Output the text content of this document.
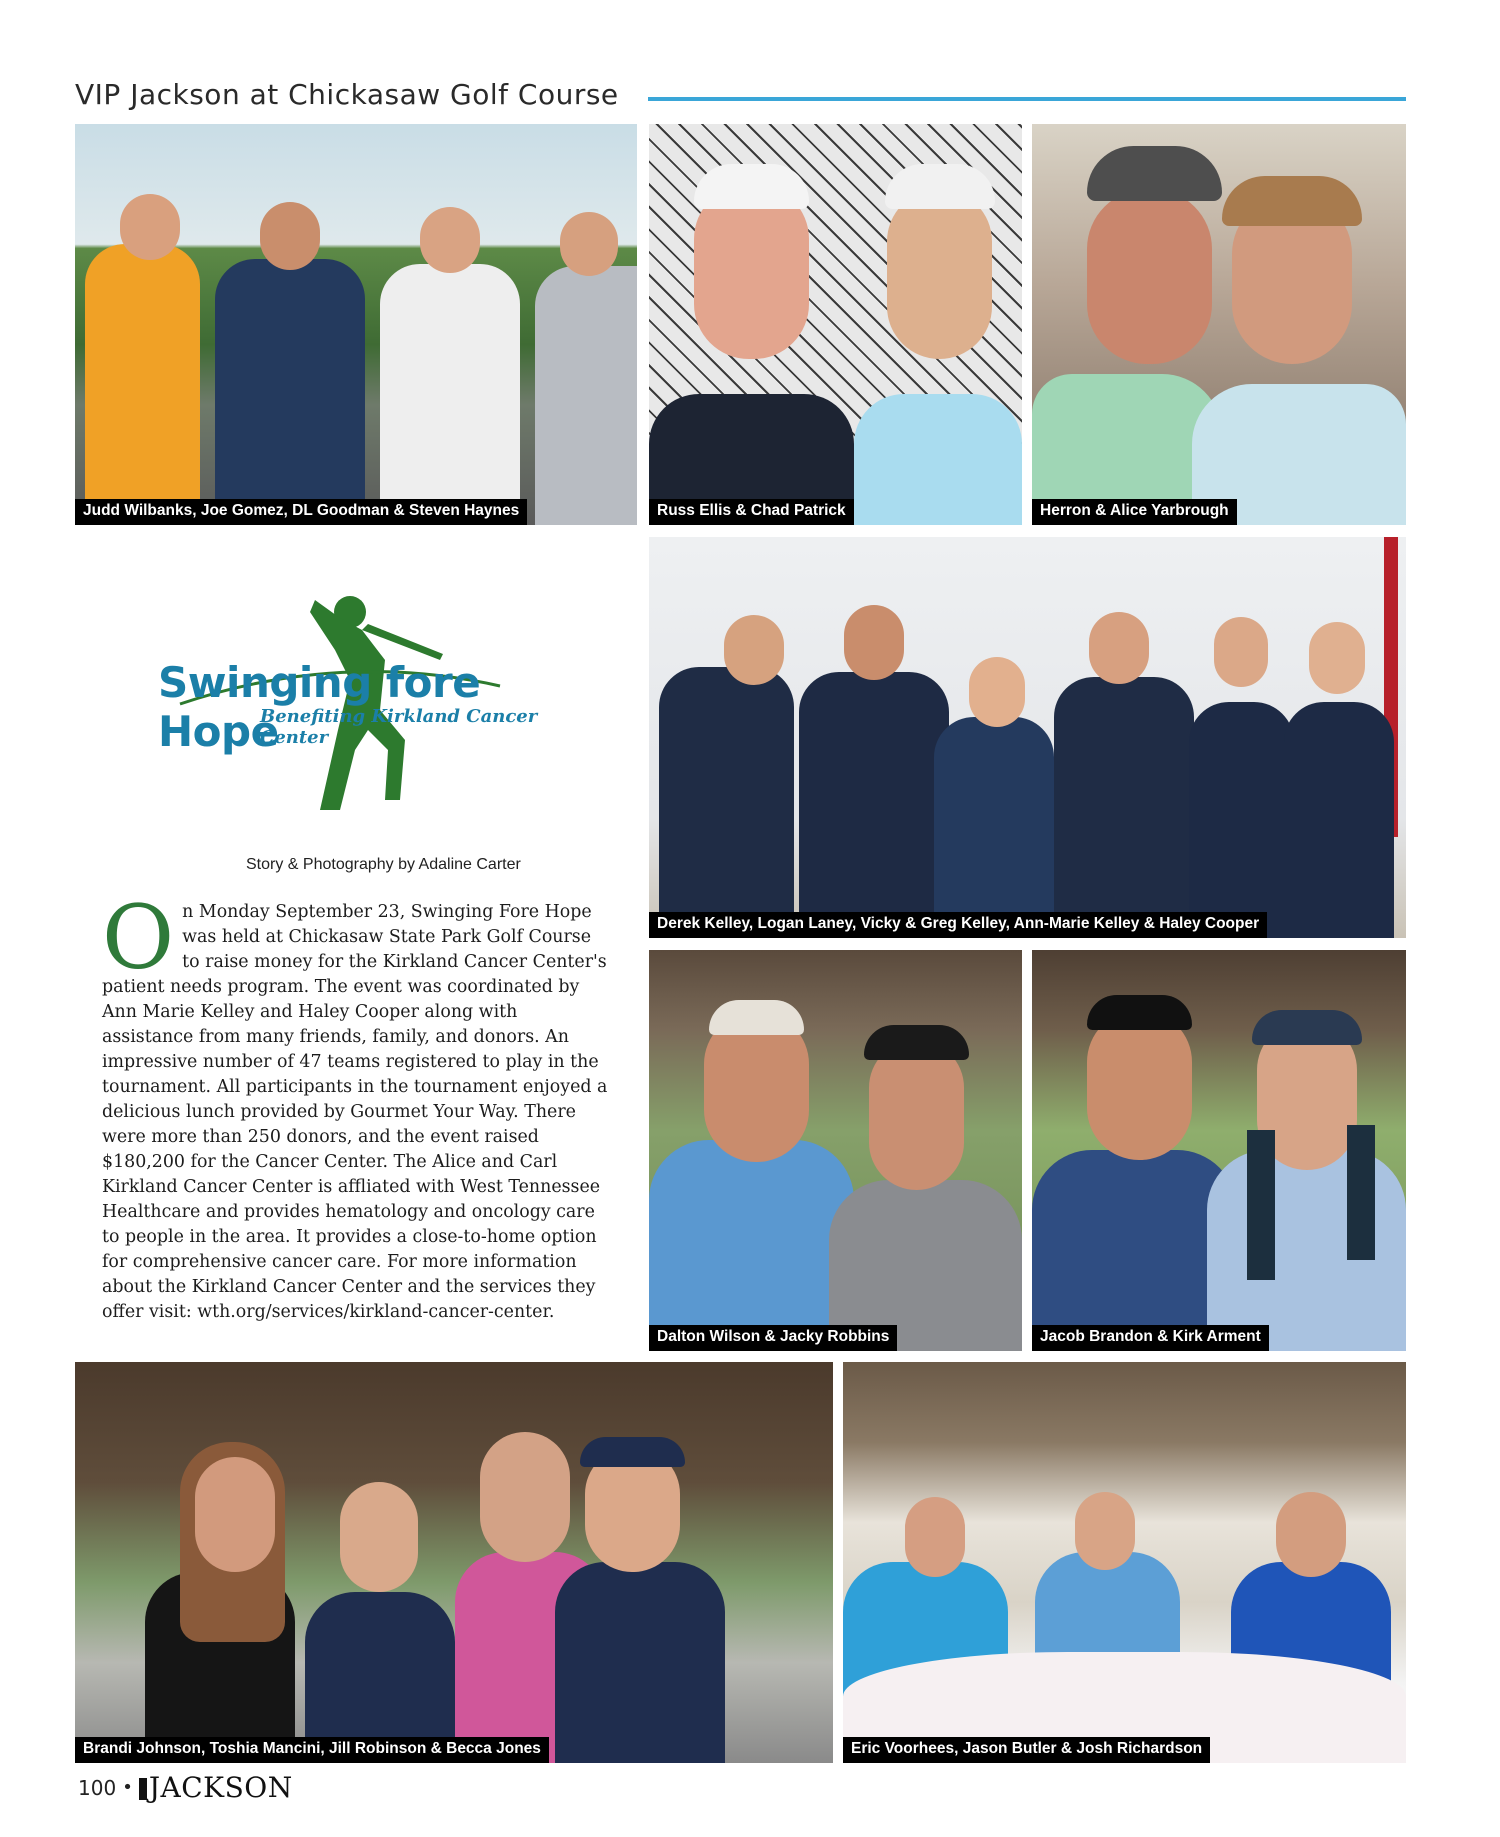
VIP Jackson at Chickasaw Golf Course
Judd Wilbanks, Joe Gomez, DL Goodman & Steven Haynes	Russ Ellis & Chad Patrick	Herron & Alice Yarbrough
Swinging fore Hope
Benefiting Kirkland Cancer Center

Story & Photography by Adaline Carter

On Monday September 23, Swinging Fore Hope was held at Chickasaw State Park Golf Course to raise money for the Kirkland Cancer Center's patient needs program. The event was coordinated by Ann Marie Kelley and Haley Cooper along with assistance from many friends, family, and donors. An impressive number of 47 teams registered to play in the tournament. All participants in the tournament enjoyed a delicious lunch provided by Gourmet Your Way. There were more than 250 donors, and the event raised $180,200 for the Cancer Center. The Alice and Carl Kirkland Cancer Center is affliated with West Tennessee Healthcare and provides hematology and oncology care to people in the area. It provides a close-to-home option for comprehensive cancer care. For more information about the Kirkland Cancer Center and the services they offer visit: wth.org/services/kirkland-cancer-center.

Derek Kelley, Logan Laney, Vicky & Greg Kelley, Ann-Marie Kelley & Haley Cooper
Dalton Wilson & Jacky Robbins	Jacob Brandon & Kirk Arment
Brandi Johnson, Toshia Mancini, Jill Robinson & Becca Jones	Eric Voorhees, Jason Butler & Josh Richardson
100 • JACKSON
